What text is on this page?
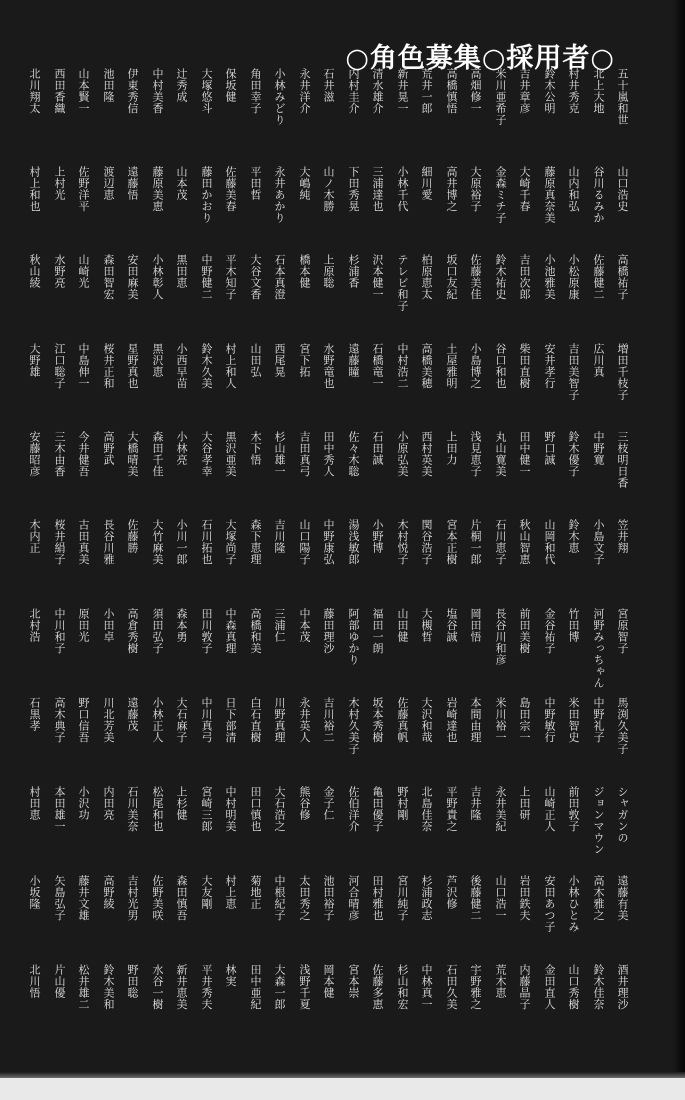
○角色募集○採用者○
五十嵐和世
北上大地
村井秀克
鈴木公明
吉井章彦
米川亜希子
高畑修一
高橋慎悟
荒井一郎
新井晃一
清水雄介
内村圭介
石井滋
永井洋介
小林みどり
角田幸子
保坂健
大塚悠斗
辻秀成
中村美香
伊東秀信
池田隆
山本賢一
西田香織
北川翔太
山口浩史
谷川るみか
山内和弘
藤原真奈美
大崎千春
金森ミチ子
大原裕子
高井博之
細川愛
小林千代
三浦達也
下田秀晃
山ノ木勝
大嶋純
永井あかり
平田哲
佐藤美春
藤田かおり
山本茂
藤原美恵
遠藤悟
渡辺恵
佐野洋平
上村光
村上和也
高橋祐子
佐藤健二
小松原康
小池雅美
吉田次郎
鈴木祐史
佐藤美佳
坂口友紀
柏原恵太
テレビ和子
沢本健一
杉浦香
上原聡
橋本健
石本真澄
大谷文香
平木知子
中野健二
黒田恵
小林彰人
安田麻美
森田智宏
山崎光
水野亮
秋山綾
増田千枝子
広川真
吉田美智子
安井孝行
柴田直樹
谷口和也
小島博之
土屋雅明
高橋美穂
中村浩二
石橋竜一
遠藤瞳
水野竜也
宮下拓
西尾晃
山田弘
村上和人
鈴木久美
小西早苗
黒沢恵
星野真也
桜井正和
中島伸一
江口聡子
大野雄
三枝明日香
中野寛
鈴木優子
野口誠
田中健一
丸山寛美
浅見恵子
上田力
西村英美
小原弘美
石田誠
佐々木聡
田中秀人
吉田真弓
杉山雄一
木下悟
黒沢亜美
大谷孝幸
小林亮
森田千佳
大橋晴美
高野武
今井健吾
三木由香
安藤昭彦
笠井翔
小島文子
鈴木恵
山岡和代
秋山智恵
石川恵子
片桐一郎
宮本正樹
関谷浩子
木村悦子
小野博
湯浅敏郎
中野康弘
山口陽子
吉川隆
森下恵理
大塚尚子
石川拓也
小川一郎
大竹麻美
佐藤勝
長谷川雅
古田真美
桜井絹子
木内正
宮原智子
河野みっちゃん
竹田博
金谷祐子
前田美樹
長谷川和彦
岡田悟
塩谷誠
大槻哲
山田健
福田一朗
阿部ゆかり
藤田理沙
中本茂
三浦仁
高橋和美
中森真理
田川敦子
森本勇
須田弘子
高倉秀樹
小田卓
原田光
中川和子
北村浩
馬渕久美子
中野礼子
米田智史
中野敏行
島田宗一
米川裕一
本間由理
岩崎達也
大沢和哉
佐藤真帆
坂本秀樹
木村久美子
吉川裕二
永井英人
川野真理
白石直樹
日下部清
中川真弓
大石麻子
小林正人
遠藤茂
川北芳美
野口信吾
高木典子
石黒孝
シャガンの
ジョンマウン
前田敦子
山崎正人
上田研
永井美紀
吉井隆
平野貴之
北島佳奈
野村剛
亀田優子
佐伯洋介
金子仁
熊谷修
大石浩之
田口慎也
中村明美
宮崎三郎
上杉健
松尾和也
石川美奈
内田亮
小沢功
本田雄一
村田恵
遠藤有美
高木雅之
小林ひとみ
安田あつ子
岩田鉄夫
山口浩一
後藤健二
芦沢修
杉浦政志
宮川純子
田村雅也
河合晴彦
池田裕子
太田秀之
中根紀子
菊地正
村上恵
大友剛
森田慎吾
佐野美咲
吉村光男
高野綾
藤井文雄
矢島弘子
小坂隆
酒井理沙
鈴木佳奈
山口秀樹
金田直人
内藤晶子
荒木恵
宇野雅之
石田久美
中林真一
杉山和宏
佐藤多恵
宮本崇
岡本健
浅野千夏
大森一郎
田中亜紀
林実
平井秀夫
新井恵美
水谷一樹
野田聡
鈴木美和
松井雄二
片山優
北川悟
